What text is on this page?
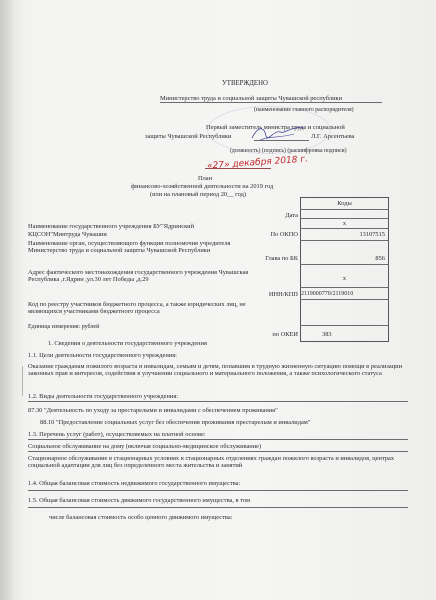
УТВЕРЖДЕНО
Министерство труда и социальной защиты Чувашской республики
(наименование главного распорядителя)
Первый заместитель министра труда и социальной
защиты Чувашской Республики	Л.Г. Арсентьева
(должность) (подпись) (расшифровка подписи)
«27» декабря 2018 г.
План
финансово-хозяйственной деятельности на 2019 год
(или на плановый период 20__ год)
Коды
Дата
х
По ОКПО	13107515
Глава по БК	856
х
ИНН/КПП 2119000770/2119010
по ОКЕИ	383
Наименование государственного учреждения БУ"Ядринский
КЦСОН"Минтруда Чувашии
Наименование орган, осуществляющего функции полномочия учредителя Министерство труда и социальной защиты Чувашской Республики
Адрес фактического местонахождения государственного учреждения Чувашская Республика ,г.Ядрин ,ул.30 лет Победы ,д.29
Код по реестру участников бюджетного процесса, а также юридических лиц, не являющихся участниками бюджетного процесса
Единица измерения: рублей
1. Сведения о деятельности государственного учреждения
1.1. Цели деятельности государственного учреждения:
Оказание гражданам пожилого возраста и инвалидам, семьям и детям, попавшим в трудную жизненную ситуацию помощи в реализации законных прав и интересов, содействия в улучшении социального и материального положения, а также психологического статуса
1.2. Виды деятельности государственного учреждения:
87.30 "Деятельность по уходу за престарелыми и инвалидами с обеспечением проживания"
88.10 "Предоставление социальных услуг без обеспечения проживания престарелым и инвалидам"
1.3. Перечень услуг (работ), осуществляемых на платной основе:
Социальное обслуживание на дому (включая социально-медицинское обслуживание)
Стационарное обслуживание в стационарных условиях в стационарных отделениях граждан пожилого возраста и инвалидов, центрах социальной адаптации для лиц без определенного места жительства и занятий
1.4. Общая балансовая стоимость недвижимого государственного имущества:
1.5. Общая балансовая стоимость движимого государственного имущества, в том
числе балансовая стоимость особо ценного движимого имущества:
